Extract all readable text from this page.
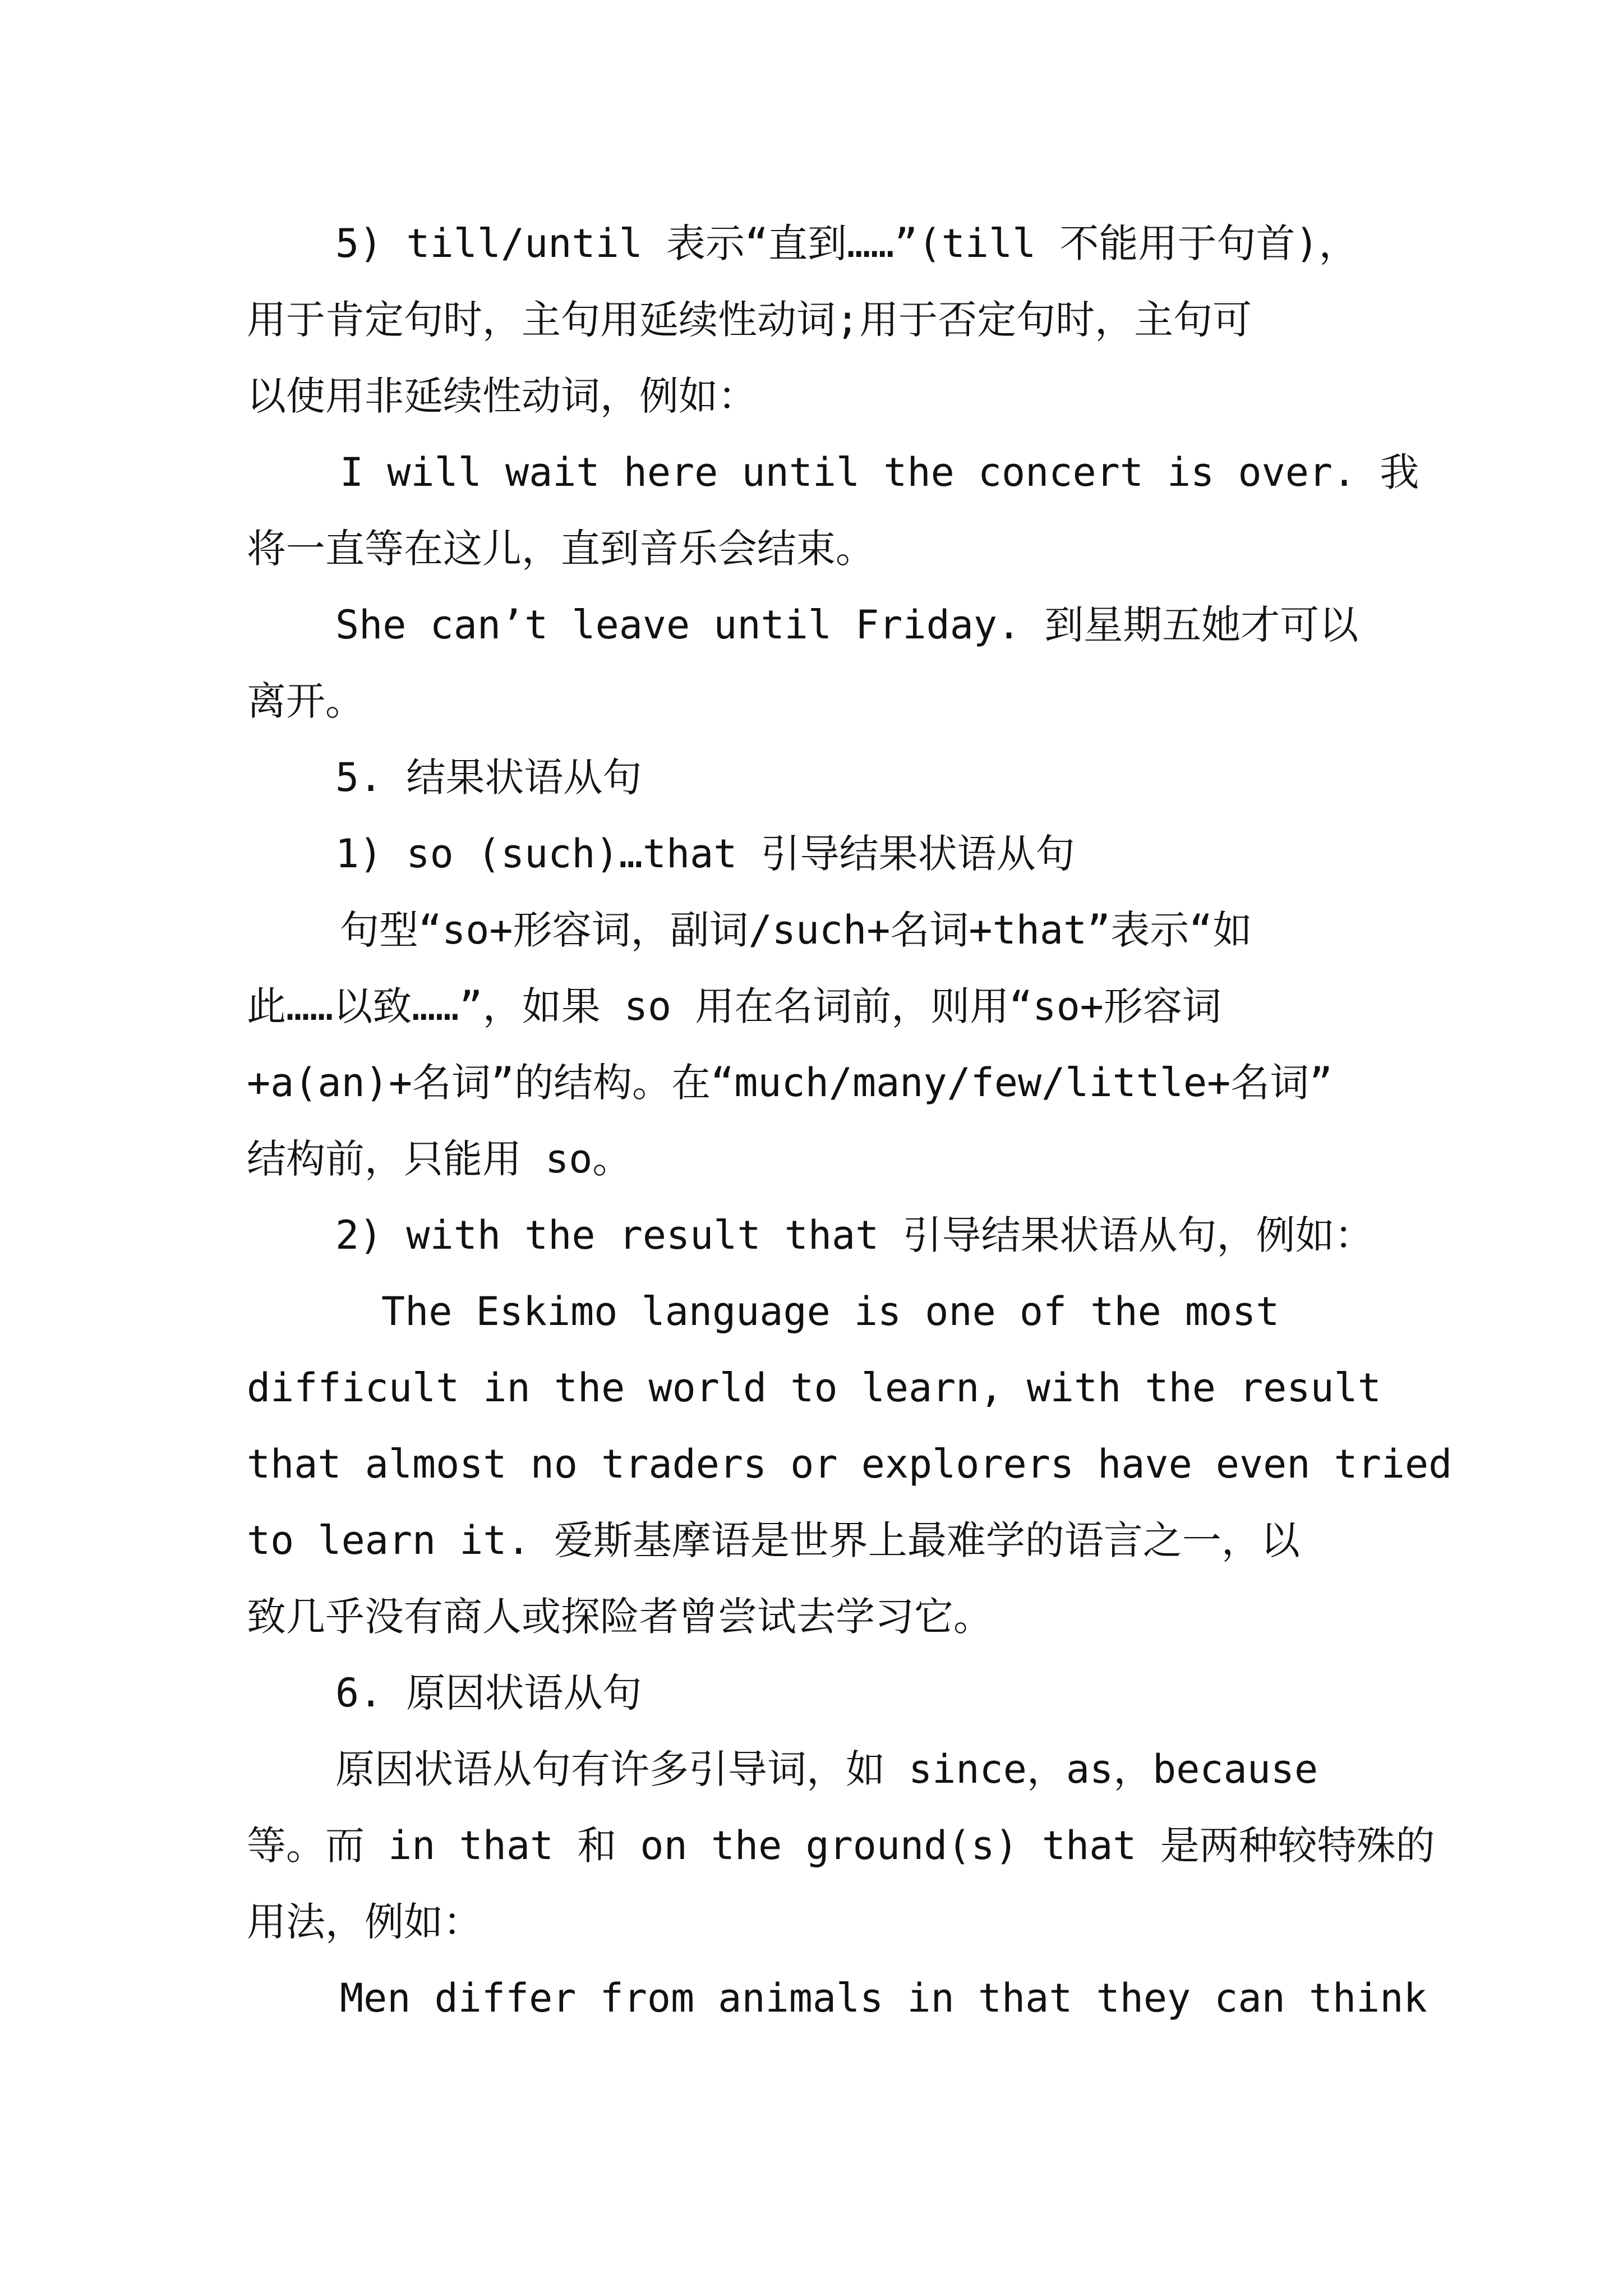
5) till/until 表示“直到……”(till 不能用于句首)，

用于肯定句时，主句用延续性动词;用于否定句时，主句可

以使用非延续性动词，例如：

I will wait here until the concert is over. 我

将一直等在这儿，直到音乐会结束。

She can’t leave until Friday. 到星期五她才可以

离开。

5. 结果状语从句

1) so (such)…that 引导结果状语从句

句型“so+形容词，副词/such+名词+that”表示“如

此……以致……”，如果 so 用在名词前，则用“so+形容词

+a(an)+名词”的结构。在“much/many/few/little+名词”

结构前，只能用 so。

2) with the result that 引导结果状语从句，例如：

The Eskimo language is one of the most

difficult in the world to learn, with the result

that almost no traders or explorers have even tried

to learn it. 爱斯基摩语是世界上最难学的语言之一，以

致几乎没有商人或探险者曾尝试去学习它。

6. 原因状语从句

原因状语从句有许多引导词，如 since，as，because

等。而 in that 和 on the ground(s) that 是两种较特殊的

用法，例如：

Men differ from animals in that they can think
